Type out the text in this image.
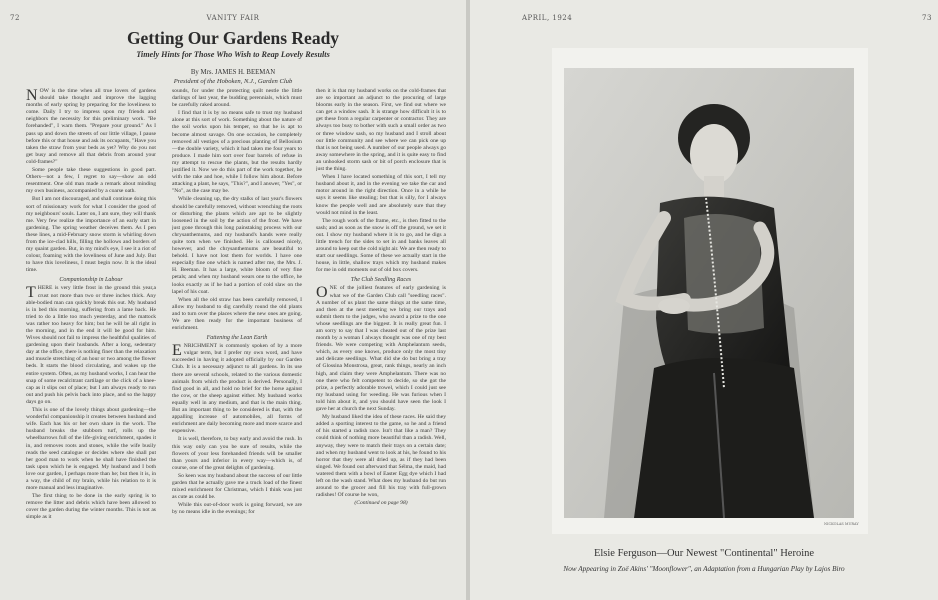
72	VANITY FAIR
Getting Our Gardens Ready
Timely Hints for Those Who Wish to Reap Lovely Results
By Mrs. JAMES H. BEEMAN
President of the Hoboken, N.J., Garden Club

NOW is the time when all true lovers of gardens should take thought and improve the lagging months of early spring by preparing for the loveliness to come. Daily I try to impress upon my friends and neighbors the necessity for this preliminary work. "Be forehanded", I warn them. "Prepare your ground." As I pass up and down the streets of our little village, I pause before this or that house and ask its occupants, "Have you taken the straw from your beds as yet? Why do you not get busy and remove all that debris from around your cold-frames?"

Some people take these suggestions in good part. Others—not a few, I regret to say—show an odd resentment. One old man made a remark about minding my own business, accompanied by a coarse oath.

But I am not discouraged, and shall continue doing this sort of missionary work for what I consider the good of my neighbours' souls. Later on, I am sure, they will thank me. Very few realize the importance of an early start in gardening. The spring weather deceives them. As I pen these lines, a mid-February snow storm is whirling down from the ice-clad hills, filling the hollows and borders of my quaint garden. But, in my mind's eye, I see it a riot of colour, foaming with the loveliness of June and July. But to have this loveliness, I must begin now. It is the ideal time.

Companionship in Labour

THERE is very little frost in the ground this year,a crust not more than two or three inches thick. Any able-bodied man can quickly break this out. My husband is in bed this morning, suffering from a lame back. He tried to do a little too much yesterday, and the mattock was rather too heavy for him; but he will be all right in the morning, and in the end it will be good for him. Wives should not fail to impress the healthful qualities of gardening upon their husbands. After a long, sedentary day at the office, there is nothing finer than the relaxation and muscle stretching of an hour or two among the flower beds. It starts the blood circulating, and wakes up the entire system. Often, as my husband works, I can hear the snap of some recalcitrant cartilage or the click of a knee-cap as it slips out of place; but I am always ready to run out and push his pelvis back into place, and so the happy days go on.

This is one of the lovely things about gardening—the wonderful companionship it creates between husband and wife. Each has his or her own share in the work. The husband breaks the stubborn turf, rolls up the wheelbarrows full of the life-giving enrichment, spades it in, and removes roots and stones, while the wife busily reads the seed catalogue or decides where she shall put her good man to work when he shall have finished the task upon which he is engaged. My husband and I both love our garden, I perhaps more than he; but then it is, in a way, the child of my brain, while his relation to it is more manual and less imaginative.

The first thing to be done in the early spring is to remove the litter and debris which have been allowed to cover the garden during the winter months. This is not as simple as it

sounds, for under the protecting quilt nestle the little darlings of last year, the budding perennials, which must be carefully raked around.

I find that it is by no means safe to trust my husband alone at this sort of work. Something about the nature of the soil works upon his temper, so that he is apt to become almost savage. On one occasion, he completely removed all vestiges of a precious planting of Bellosium—the double variety, which it had taken me four years to produce. I made him sort over four barrels of refuse in my attempt to rescue the plants, but the results hardly justified it. Now we do this part of the work together, he with the rake and hoe, while I follow him about. Before attacking a plant, he says, "This?", and I answer, "Yes", or "No", as the case may be.

While cleaning up, the dry stalks of last year's flowers should be carefully removed, without wrenching the roots or disturbing the plants which are apt to be slightly loosened in the soil by the action of the frost. We have just gone through this long painstaking process with our chrysanthemums, and my husband's hands were really quite torn when we finished. He is calloused nicely, however, and the chrysanthemums are beautiful to behold. I have not lost them for worlds. I have one especially fine one which is named after me, the Mrs. J. H. Beeman. It has a large, white bloom of very fine petals; and when my husband wears one to the office, he looks exactly as if he had a portion of cold slaw on the lapel of his coat.

When all the old straw has been carefully removed, I allow my husband to dig carefully round the old plants and to turn over the places where the new ones are going. We are then ready for the important business of enrichment.

Fattening the Lean Earth

ENRICHMENT is commonly spoken of by a more vulgar term, but I prefer my own word, and have succeeded in having it adopted officially by our Garden Club. It is a necessary adjunct to all gardens. In its use there are several schools, related to the various domestic animals from which the product is derived. Personally, I find good in all, and hold no brief for the horse against the cow, or the sheep against either. My husband works equally well in any medium, and that is the main thing. But an important thing to be considered is that, with the appalling increase of automobiles, all forms of enrichment are daily becoming more and more scarce and expensive.

It is well, therefore, to buy early and avoid the rush. In this way only can you be sure of results, while the flowers of your less forehanded friends will be smaller than yours and inferior in every way—which is, of course, one of the great delights of gardening.

So keen was my husband about the success of our little garden that he actually gave me a truck load of the finest mixed enrichment for Christmas, which I think was just as cute as could be.

While this out-of-door work is going forward, we are by no means idle in the evenings; for

then it is that my husband works on the cold-frames that are so important an adjunct to the procuring of large blooms early in the season. First, we find out where we can get a window sash. It is strange how difficult it is to get these from a regular carpenter or contractor. They are always too busy to bother with such a small order as two or three window sash, so my husband and I stroll about our little community and see where we can pick one up that is not being used. A number of our people always go away somewhere in the spring, and it is quite easy to find an unhooked storm sash or bit of porch enclosure that is just the thing.

When I have located something of this sort, I tell my husband about it, and in the evening we take the car and motor around in the right direction. Once in a while he says it seems like stealing; but that is silly, for I always know the people well and are absolutely sure that they would not mind in the least.

The rough work of the frame, etc., is then fitted to the sash; and as soon as the snow is off the ground, we set it out. I show my husband where it is to go, and he digs a little trench for the sides to set in and banks leaves all around to keep out the cold night air. We are then ready to start our seedlings. Some of these we actually start in the house, in little, shallow trays which my husband makes for me in odd moments out of old box covers.

The Club Seedling Races

ONE of the jolliest features of early gardening is what we of the Garden Club call "seedling races". A number of us plant the same things at the same time, and then at the next meeting we bring our trays and submit them to the judges, who award a prize to the one whose seedlings are the biggest. It is really great fun. I am sorry to say that I was cheated out of the prize last month by a woman I always thought was one of my best friends. We were competing with Amphelantum seeds, which, as every one knows, produce only the most tiny and delicate seedlings. What did she do but bring a tray of Glossina Monstrosa, great, rank things, nearly an inch high, and claim they were Amphelantum. There was no one there who felt competent to decide, so she got the prize, a perfectly adorable trowel, which I could just see my husband using for weeding. He was furious when I told him about it, and you should have seen the look I gave her at church the next Sunday.

My husband liked the idea of these races. He said they added a sporting interest to the game, so he and a friend of his started a radish race. Isn't that like a man? They could think of nothing more beautiful than a radish. Well, anyway, they were to match their trays on a certain date; and when my husband went to look at his, he found to his horror that they were all dried up, as if they had been singed. We found out afterward that Sélma, the maid, had watered them with a bowl of Easter Egg dye which I had left on the wash stand. What does my husband do but run around to the grocer and fill his tray with full-grown radishes! Of course he won,

(Continued on page 98)

APRIL, 1924	73
NICKOLAS MURAY
Elsie Ferguson—Our Newest "Continental" Heroine
Now Appearing in Zoë Akins' "Moonflower", an Adaptation from a Hungarian Play by Lajos Biro
